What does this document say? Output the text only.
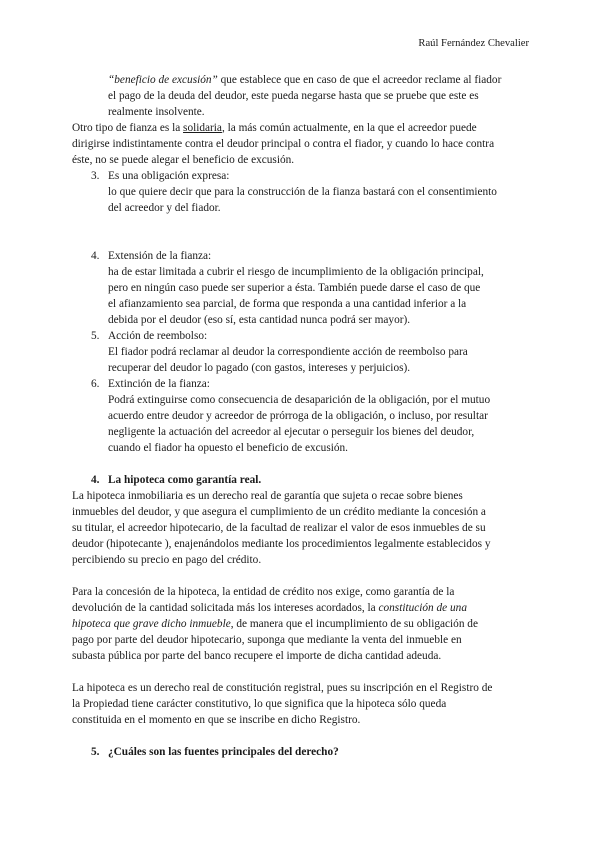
Raúl Fernández Chevalier
“beneficio de excusión” que establece que en caso de que el acreedor reclame al fiador
el pago de la deuda del deudor, este pueda negarse hasta que se pruebe que este es
realmente insolvente.
Otro tipo de fianza es la solidaria, la más común actualmente, en la que el acreedor puede
dirigirse indistintamente contra el deudor principal o contra el fiador, y cuando lo hace contra
éste, no se puede alegar el beneficio de excusión.
3. Es una obligación expresa:
lo que quiere decir que para la construcción de la fianza bastará con el consentimiento
del acreedor y del fiador.
4. Extensión de la fianza:
ha de estar limitada a cubrir el riesgo de incumplimiento de la obligación principal,
pero en ningún caso puede ser superior a ésta. También puede darse el caso de que
el afianzamiento sea parcial, de forma que responda a una cantidad inferior a la
debida por el deudor (eso sí, esta cantidad nunca podrá ser mayor).
5. Acción de reembolso:
El fiador podrá reclamar al deudor la correspondiente acción de reembolso para
recuperar del deudor lo pagado (con gastos, intereses y perjuicios).
6. Extinción de la fianza:
Podrá extinguirse como consecuencia de desaparición de la obligación, por el mutuo
acuerdo entre deudor y acreedor de prórroga de la obligación, o incluso, por resultar
negligente la actuación del acreedor al ejecutar o perseguir los bienes del deudor,
cuando el fiador ha opuesto el beneficio de excusión.
4. La hipoteca como garantía real.
La hipoteca inmobiliaria es un derecho real de garantía que sujeta o recae sobre bienes
inmuebles del deudor, y que asegura el cumplimiento de un crédito mediante la concesión a
su titular, el acreedor hipotecario, de la facultad de realizar el valor de esos inmuebles de su
deudor (hipotecante ), enajenándolos mediante los procedimientos legalmente establecidos y
percibiendo su precio en pago del crédito.
Para la concesión de la hipoteca, la entidad de crédito nos exige, como garantía de la
devolución de la cantidad solicitada más los intereses acordados, la constitución de una
hipoteca que grave dicho inmueble, de manera que el incumplimiento de su obligación de
pago por parte del deudor hipotecario, suponga que mediante la venta del inmueble en
subasta pública por parte del banco recupere el importe de dicha cantidad adeuda.
La hipoteca es un derecho real de constitución registral, pues su inscripción en el Registro de
la Propiedad tiene carácter constitutivo, lo que significa que la hipoteca sólo queda
constituida en el momento en que se inscribe en dicho Registro.
5. ¿Cuáles son las fuentes principales del derecho?
